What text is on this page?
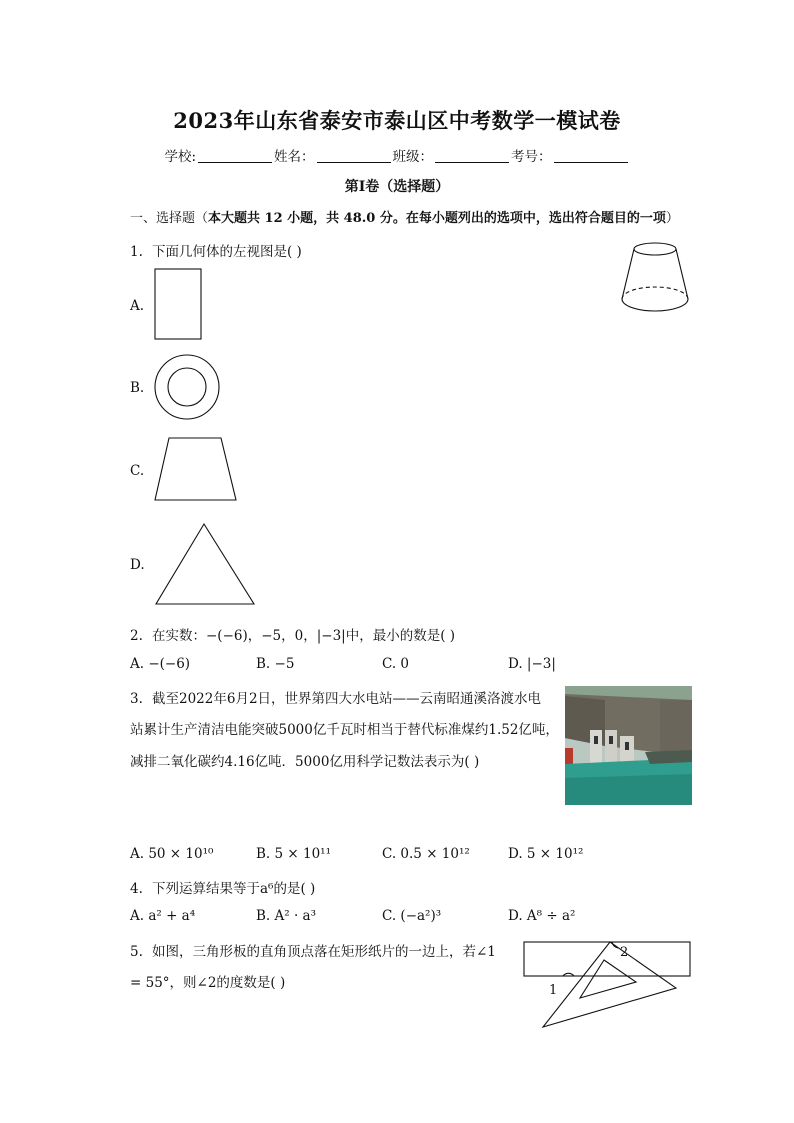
2023年山东省泰安市泰山区中考数学一模试卷
学校:	姓名：	班级：	考号：
第Ⅰ卷（选择题）
一、选择题（本大题共 12 小题，共 48.0 分。在每小题列出的选项中，选出符合题目的一项）
1. 下面几何体的左视图是( )
A.
B.
C.
D.
2. 在实数：−(−6)，−5，0，|−3|中，最小的数是( )
A. −(−6)	B. −5	C. 0	D. |−3|
3. 截至2022年6月2日，世界第四大水电站——云南昭通溪洛渡水电
站累计生产清洁电能突破5000亿千瓦时相当于替代标准煤约1.52亿吨，
减排二氧化碳约4.16亿吨．5000亿用科学记数法表示为( )
A. 50 × 10¹⁰	B. 5 × 10¹¹	C. 0.5 × 10¹²	D. 5 × 10¹²
4. 下列运算结果等于a⁶的是( )
A. a² + a⁴	B. A² · a³	C. (−a²)³	D. A⁸ ÷ a²
5. 如图，三角形板的直角顶点落在矩形纸片的一边上，若∠1
= 55°，则∠2的度数是( )
2
1
